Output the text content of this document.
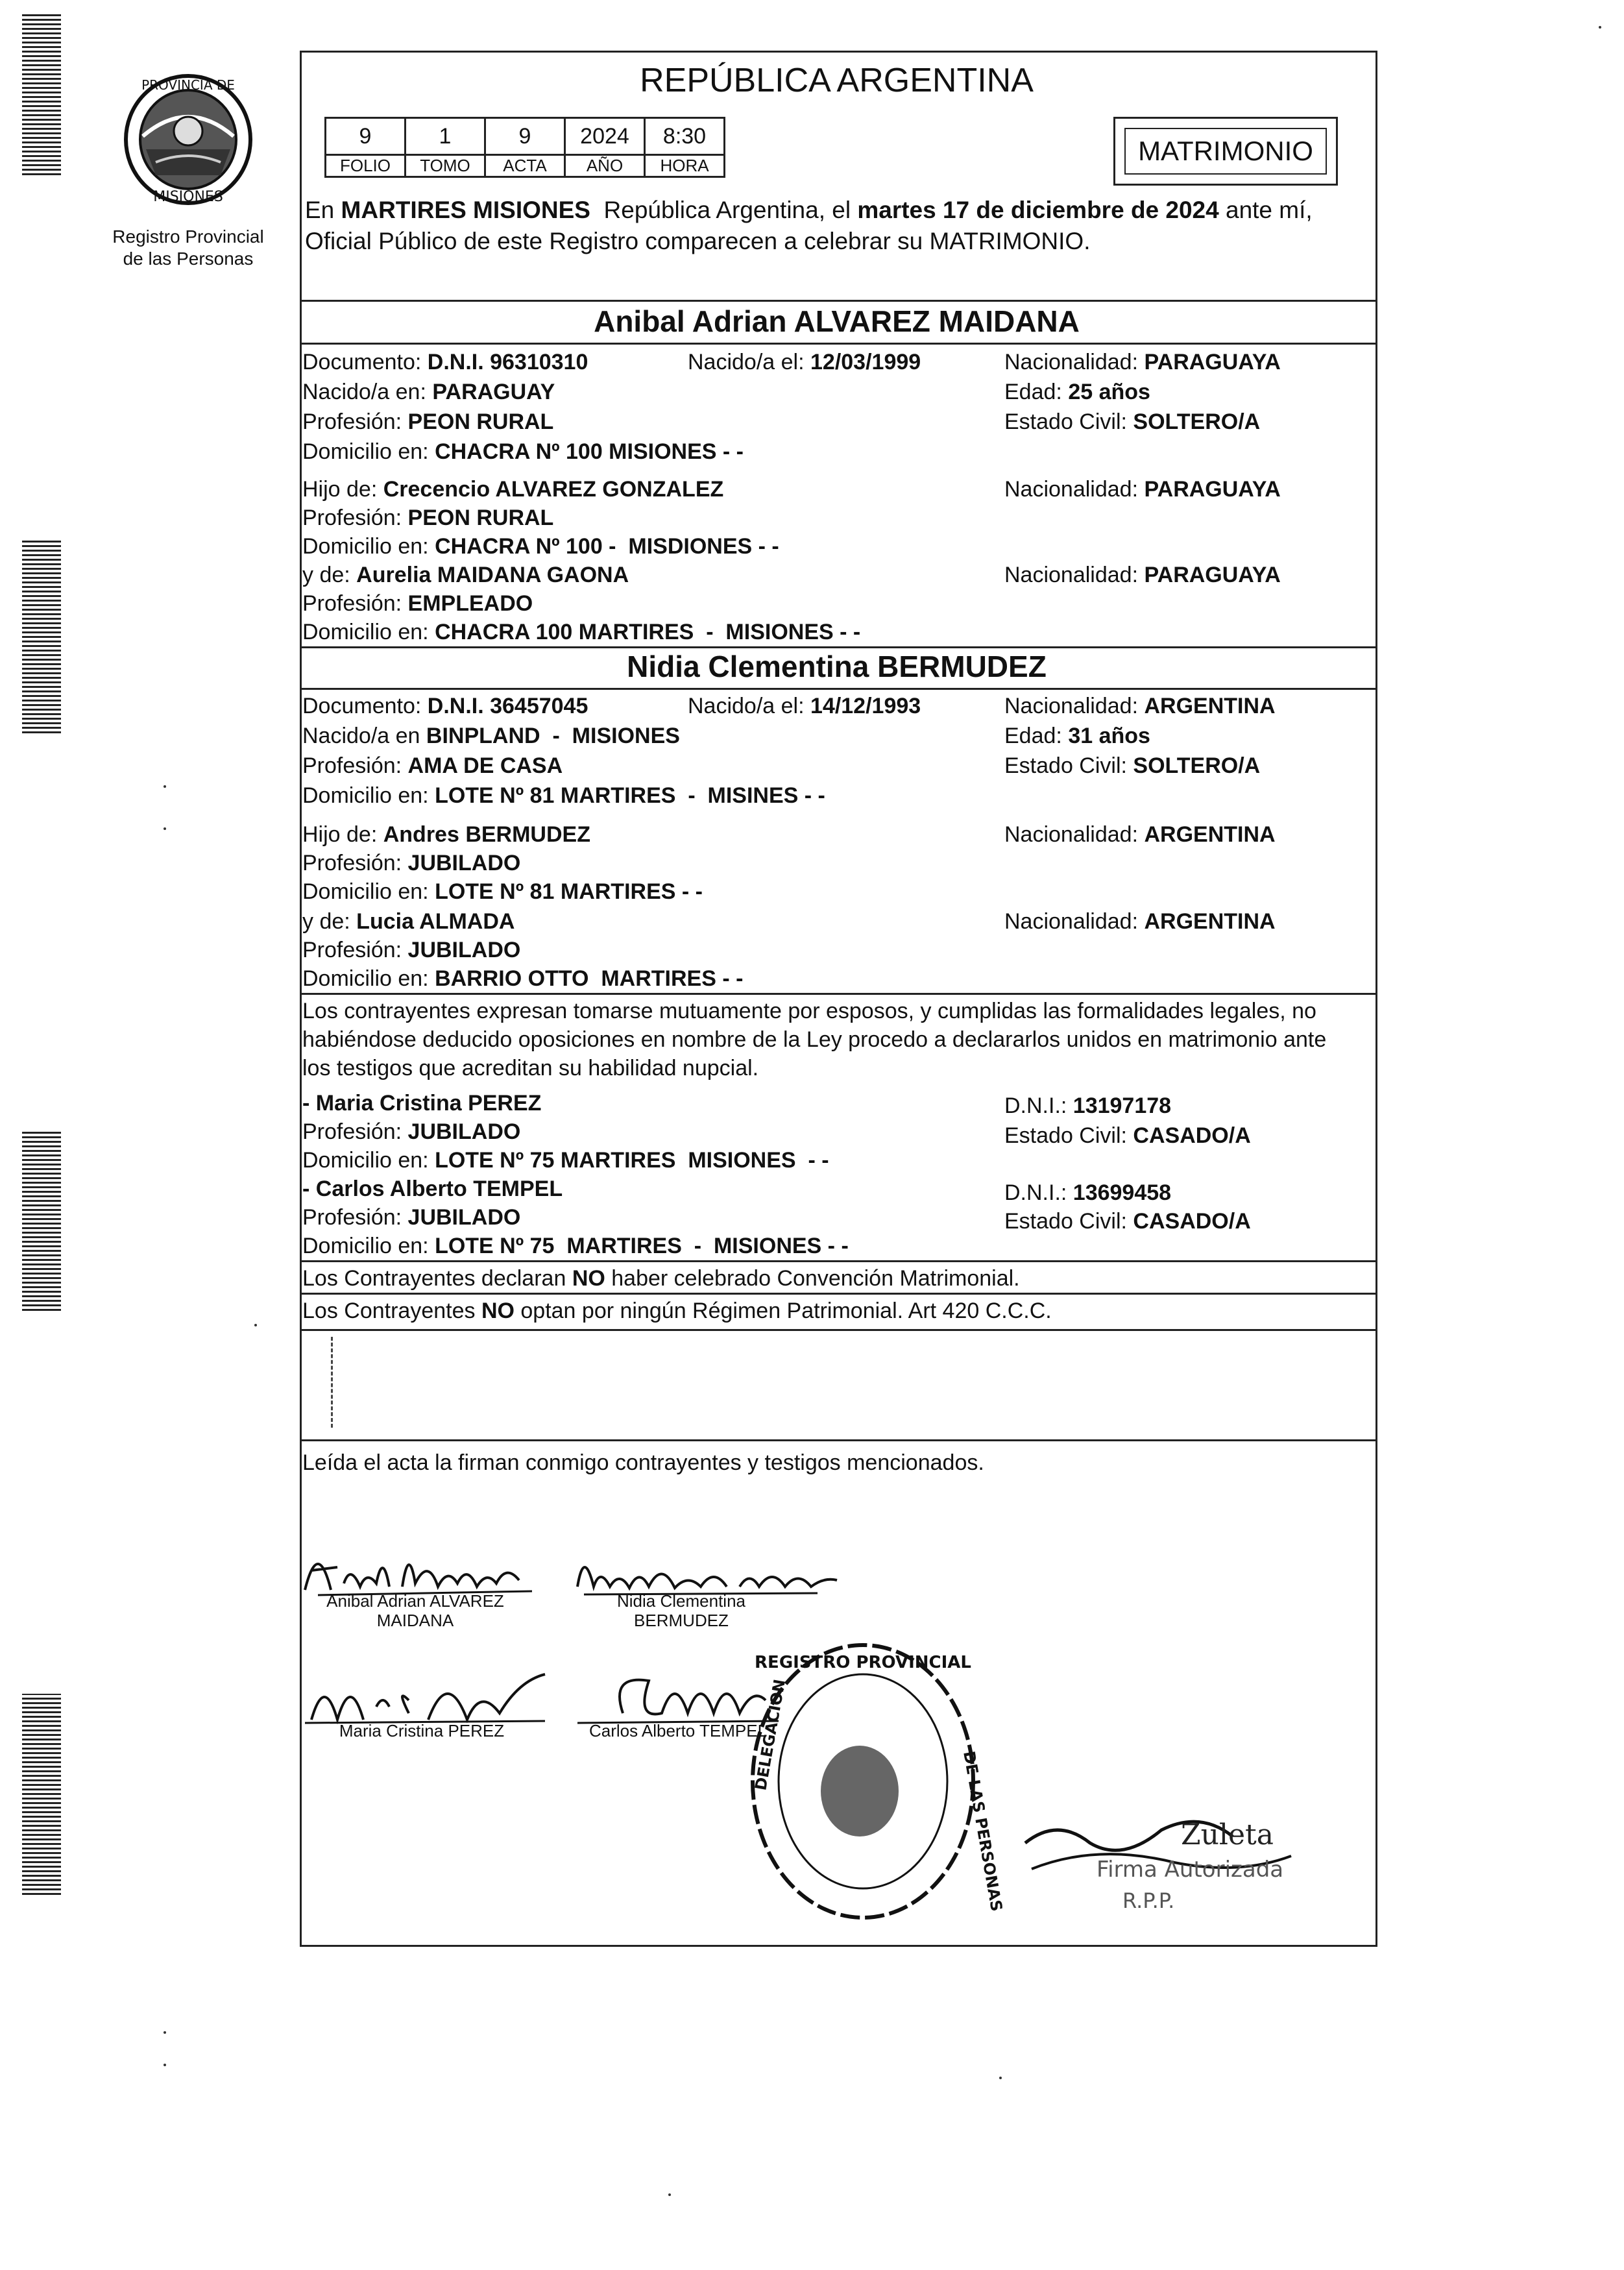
PROVINCIA DE
MISIONES
Registro Provincial
de las Personas
REPÚBLICA ARGENTINA
9	1	9	2024	8:30
FOLIO	TOMO	ACTA	AÑO	HORA	MATRIMONIO
En MARTIRES MISIONES  República Argentina, el martes 17 de diciembre de 2024 ante mí,
Oficial Público de este Registro comparecen a celebrar su MATRIMONIO.
Anibal Adrian ALVAREZ MAIDANA
Documento: D.N.I. 96310310	Nacido/a el: 12/03/1999	Nacionalidad: PARAGUAYA
Nacido/a en: PARAGUAY	Edad: 25 años
Profesión: PEON RURAL	Estado Civil: SOLTERO/A
Domicilio en: CHACRA Nº 100 MISIONES - -
Hijo de: Crecencio ALVAREZ GONZALEZ	Nacionalidad: PARAGUAYA
Profesión: PEON RURAL
Domicilio en: CHACRA Nº 100 -  MISDIONES - -
y de: Aurelia MAIDANA GAONA	Nacionalidad: PARAGUAYA
Profesión: EMPLEADO
Domicilio en: CHACRA 100 MARTIRES  -  MISIONES - -
Nidia Clementina BERMUDEZ
Documento: D.N.I. 36457045	Nacido/a el: 14/12/1993	Nacionalidad: ARGENTINA
Nacido/a en BINPLAND  -  MISIONES	Edad: 31 años
Profesión: AMA DE CASA	Estado Civil: SOLTERO/A
Domicilio en: LOTE Nº 81 MARTIRES  -  MISINES - -
Hijo de: Andres BERMUDEZ	Nacionalidad: ARGENTINA
Profesión: JUBILADO
Domicilio en: LOTE Nº 81 MARTIRES - -
y de: Lucia ALMADA	Nacionalidad: ARGENTINA
Profesión: JUBILADO
Domicilio en: BARRIO OTTO  MARTIRES - -
Los contrayentes expresan tomarse mutuamente por esposos, y cumplidas las formalidades legales, no
habiéndose deducido oposiciones en nombre de la Ley procedo a declararlos unidos en matrimonio ante
los testigos que acreditan su habilidad nupcial.
- Maria Cristina PEREZ	D.N.I.: 13197178
Profesión: JUBILADO	Estado Civil: CASADO/A
Domicilio en: LOTE Nº 75 MARTIRES  MISIONES  - -
- Carlos Alberto TEMPEL	D.N.I.: 13699458
Profesión: JUBILADO	Estado Civil: CASADO/A
Domicilio en: LOTE Nº 75  MARTIRES  -  MISIONES - -
Los Contrayentes declaran NO haber celebrado Convención Matrimonial.
Los Contrayentes NO optan por ningún Régimen Patrimonial. Art 420 C.C.C.
Leída el acta la firman conmigo contrayentes y testigos mencionados.
Anibal Adrian ALVAREZ
MAIDANA
Nidia Clementina
BERMUDEZ
Maria Cristina PEREZ	Carlos Alberto TEMPEL
REGISTRO PROVINCIAL
DELEGACION
DE LAS PERSONAS	Zuleta
Firma Autorizada
R.P.P.
